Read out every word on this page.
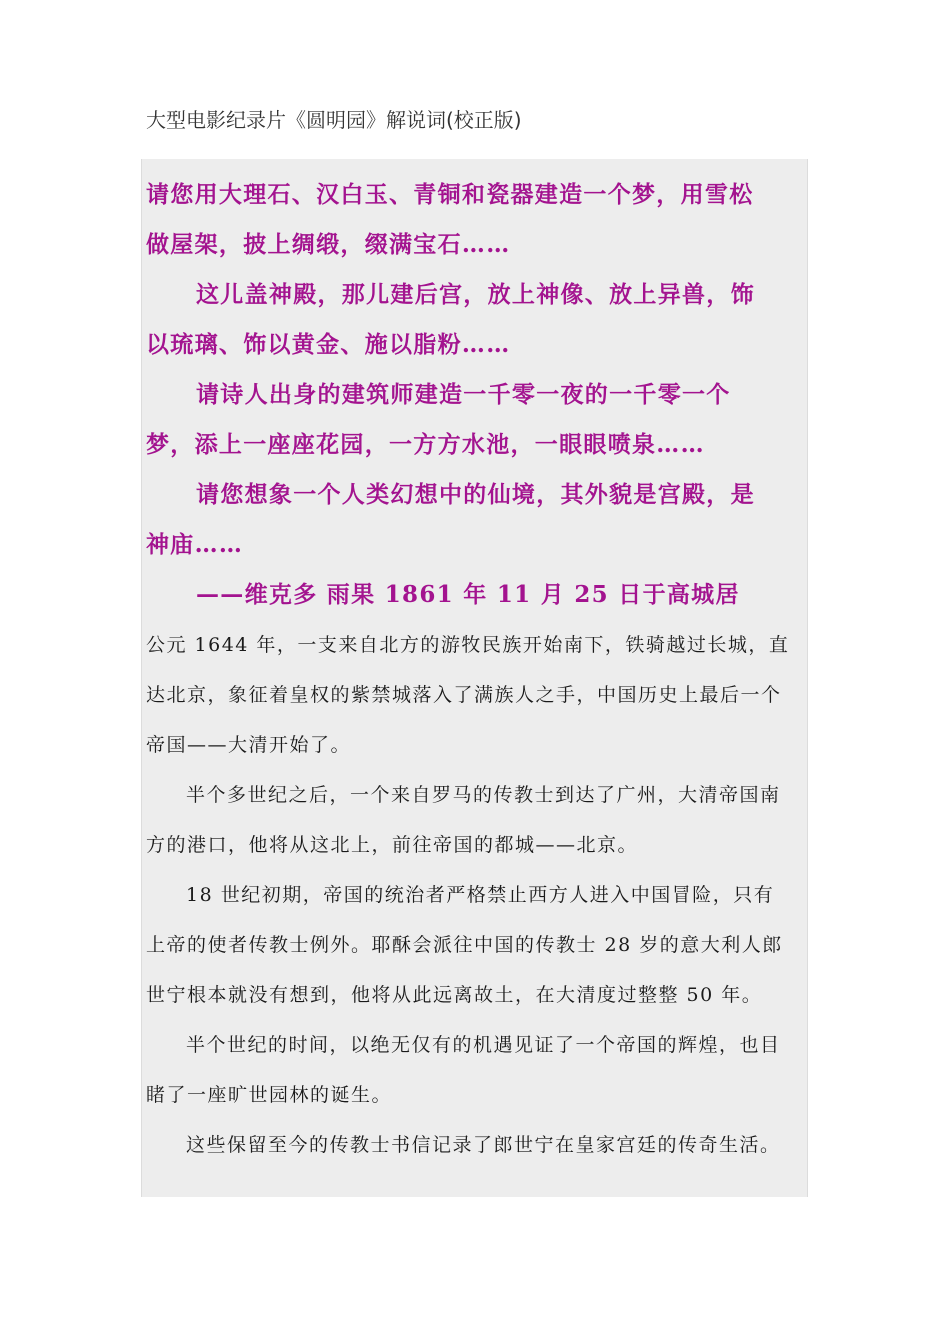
大型电影纪录片《圆明园》解说词(校正版)
请您用大理石、汉白玉、青铜和瓷器建造一个梦，用雪松
做屋架，披上绸缎，缀满宝石……
这儿盖神殿，那儿建后宫，放上神像、放上异兽，饰
以琉璃、饰以黄金、施以脂粉……
请诗人出身的建筑师建造一千零一夜的一千零一个
梦，添上一座座花园，一方方水池，一眼眼喷泉……
请您想象一个人类幻想中的仙境，其外貌是宫殿，是
神庙……
——维克多 雨果 1861 年 11 月 25 日于高城居
公元 1644 年，一支来自北方的游牧民族开始南下，铁骑越过长城，直
达北京，象征着皇权的紫禁城落入了满族人之手，中国历史上最后一个
帝国——大清开始了。
半个多世纪之后，一个来自罗马的传教士到达了广州，大清帝国南
方的港口，他将从这北上，前往帝国的都城——北京。
18 世纪初期，帝国的统治者严格禁止西方人进入中国冒险，只有
上帝的使者传教士例外。耶酥会派往中国的传教士 28 岁的意大利人郎
世宁根本就没有想到，他将从此远离故土，在大清度过整整 50 年。
半个世纪的时间，以绝无仅有的机遇见证了一个帝国的辉煌，也目
睹了一座旷世园林的诞生。
这些保留至今的传教士书信记录了郎世宁在皇家宫廷的传奇生活。
